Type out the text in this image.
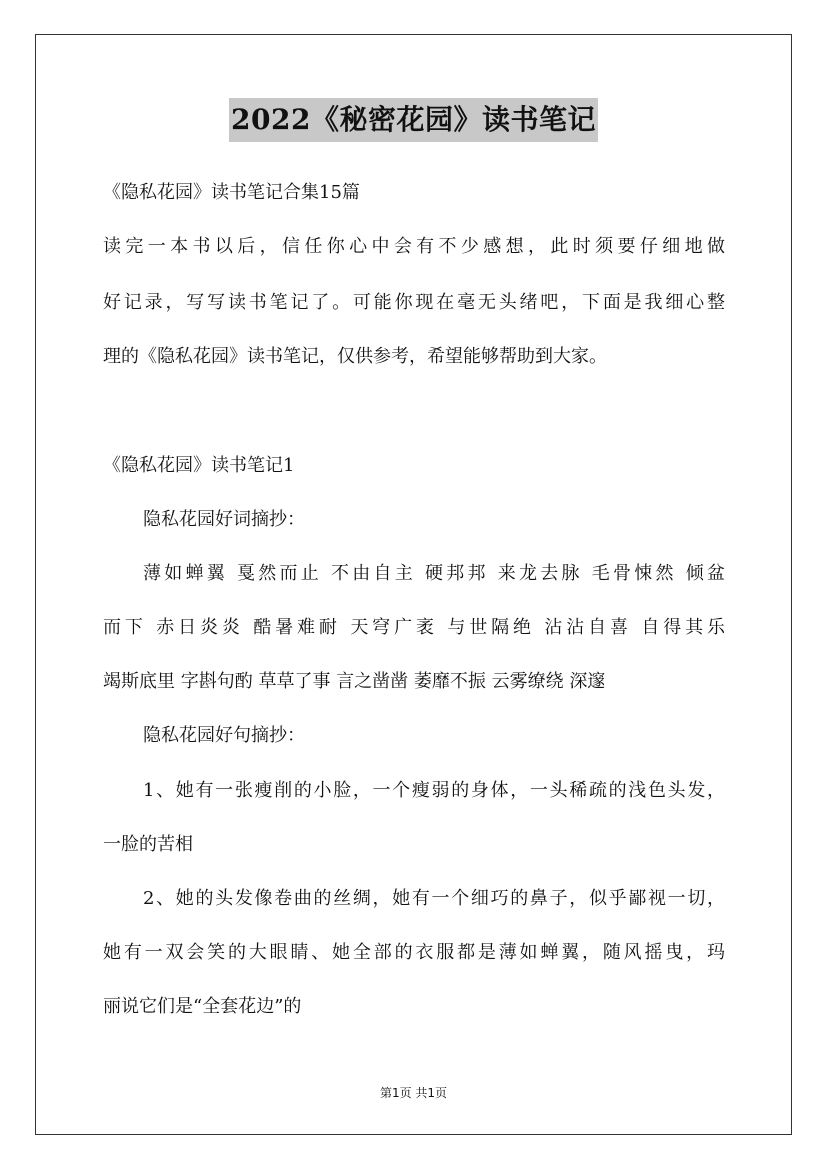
2022《秘密花园》读书笔记
《隐私花园》读书笔记合集15篇
读完一本书以后，信任你心中会有不少感想，此时须要仔细地做
好记录，写写读书笔记了。可能你现在毫无头绪吧，下面是我细心整
理的《隐私花园》读书笔记，仅供参考，希望能够帮助到大家。
《隐私花园》读书笔记1
隐私花园好词摘抄：
薄如蝉翼 戛然而止 不由自主 硬邦邦 来龙去脉 毛骨悚然 倾盆
而下 赤日炎炎 酷暑难耐 天穹广袤 与世隔绝 沾沾自喜 自得其乐
竭斯底里 字斟句酌 草草了事 言之凿凿 萎靡不振 云雾缭绕 深邃
隐私花园好句摘抄：
1、她有一张瘦削的小脸，一个瘦弱的身体，一头稀疏的浅色头发，
一脸的苦相
2、她的头发像卷曲的丝绸，她有一个细巧的鼻子，似乎鄙视一切，
她有一双会笑的大眼睛、她全部的衣服都是薄如蝉翼，随风摇曳，玛
丽说它们是“全套花边”的
第1页 共1页
